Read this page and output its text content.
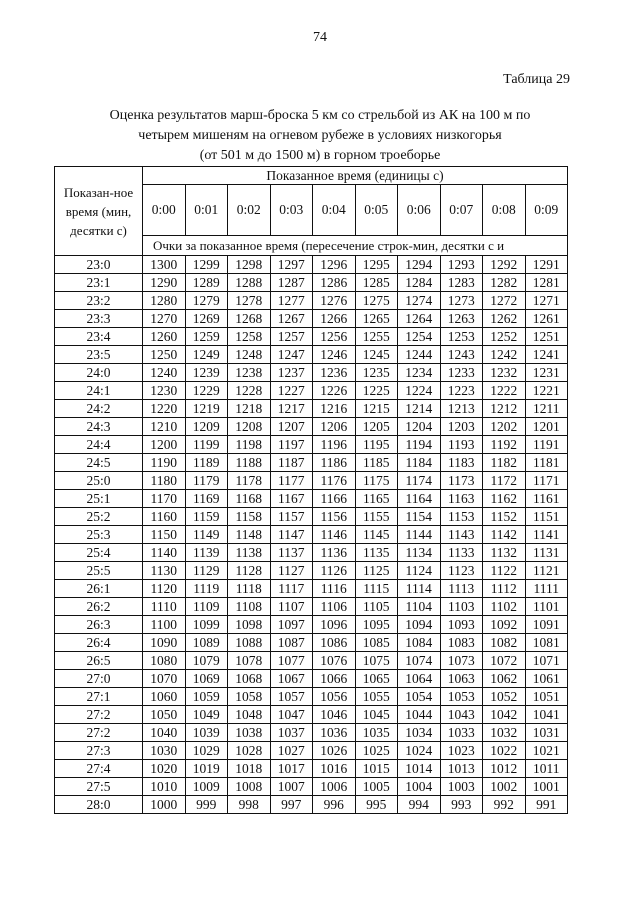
74
Таблица 29
Оценка результатов марш-броска 5 км со стрельбой из АК на 100 м по
четырем мишеням на огневом рубеже в условиях низкогорья
(от 501 м до 1500 м) в горном троеборье
Показан-ное время (мин, десятки с)	Показанное время (единицы с)									
	0:00	0:01	0:02	0:03	0:04	0:05	0:06	0:07	0:08	0:09
	Очки за показанное время (пересечение строк-мин, десятки с и									
23:0	1300	1299	1298	1297	1296	1295	1294	1293	1292	1291
23:1	1290	1289	1288	1287	1286	1285	1284	1283	1282	1281
23:2	1280	1279	1278	1277	1276	1275	1274	1273	1272	1271
23:3	1270	1269	1268	1267	1266	1265	1264	1263	1262	1261
23:4	1260	1259	1258	1257	1256	1255	1254	1253	1252	1251
23:5	1250	1249	1248	1247	1246	1245	1244	1243	1242	1241
24:0	1240	1239	1238	1237	1236	1235	1234	1233	1232	1231
24:1	1230	1229	1228	1227	1226	1225	1224	1223	1222	1221
24:2	1220	1219	1218	1217	1216	1215	1214	1213	1212	1211
24:3	1210	1209	1208	1207	1206	1205	1204	1203	1202	1201
24:4	1200	1199	1198	1197	1196	1195	1194	1193	1192	1191
24:5	1190	1189	1188	1187	1186	1185	1184	1183	1182	1181
25:0	1180	1179	1178	1177	1176	1175	1174	1173	1172	1171
25:1	1170	1169	1168	1167	1166	1165	1164	1163	1162	1161
25:2	1160	1159	1158	1157	1156	1155	1154	1153	1152	1151
25:3	1150	1149	1148	1147	1146	1145	1144	1143	1142	1141
25:4	1140	1139	1138	1137	1136	1135	1134	1133	1132	1131
25:5	1130	1129	1128	1127	1126	1125	1124	1123	1122	1121
26:1	1120	1119	1118	1117	1116	1115	1114	1113	1112	1111
26:2	1110	1109	1108	1107	1106	1105	1104	1103	1102	1101
26:3	1100	1099	1098	1097	1096	1095	1094	1093	1092	1091
26:4	1090	1089	1088	1087	1086	1085	1084	1083	1082	1081
26:5	1080	1079	1078	1077	1076	1075	1074	1073	1072	1071
27:0	1070	1069	1068	1067	1066	1065	1064	1063	1062	1061
27:1	1060	1059	1058	1057	1056	1055	1054	1053	1052	1051
27:2	1050	1049	1048	1047	1046	1045	1044	1043	1042	1041
27:2	1040	1039	1038	1037	1036	1035	1034	1033	1032	1031
27:3	1030	1029	1028	1027	1026	1025	1024	1023	1022	1021
27:4	1020	1019	1018	1017	1016	1015	1014	1013	1012	1011
27:5	1010	1009	1008	1007	1006	1005	1004	1003	1002	1001
28:0	1000	999	998	997	996	995	994	993	992	991
